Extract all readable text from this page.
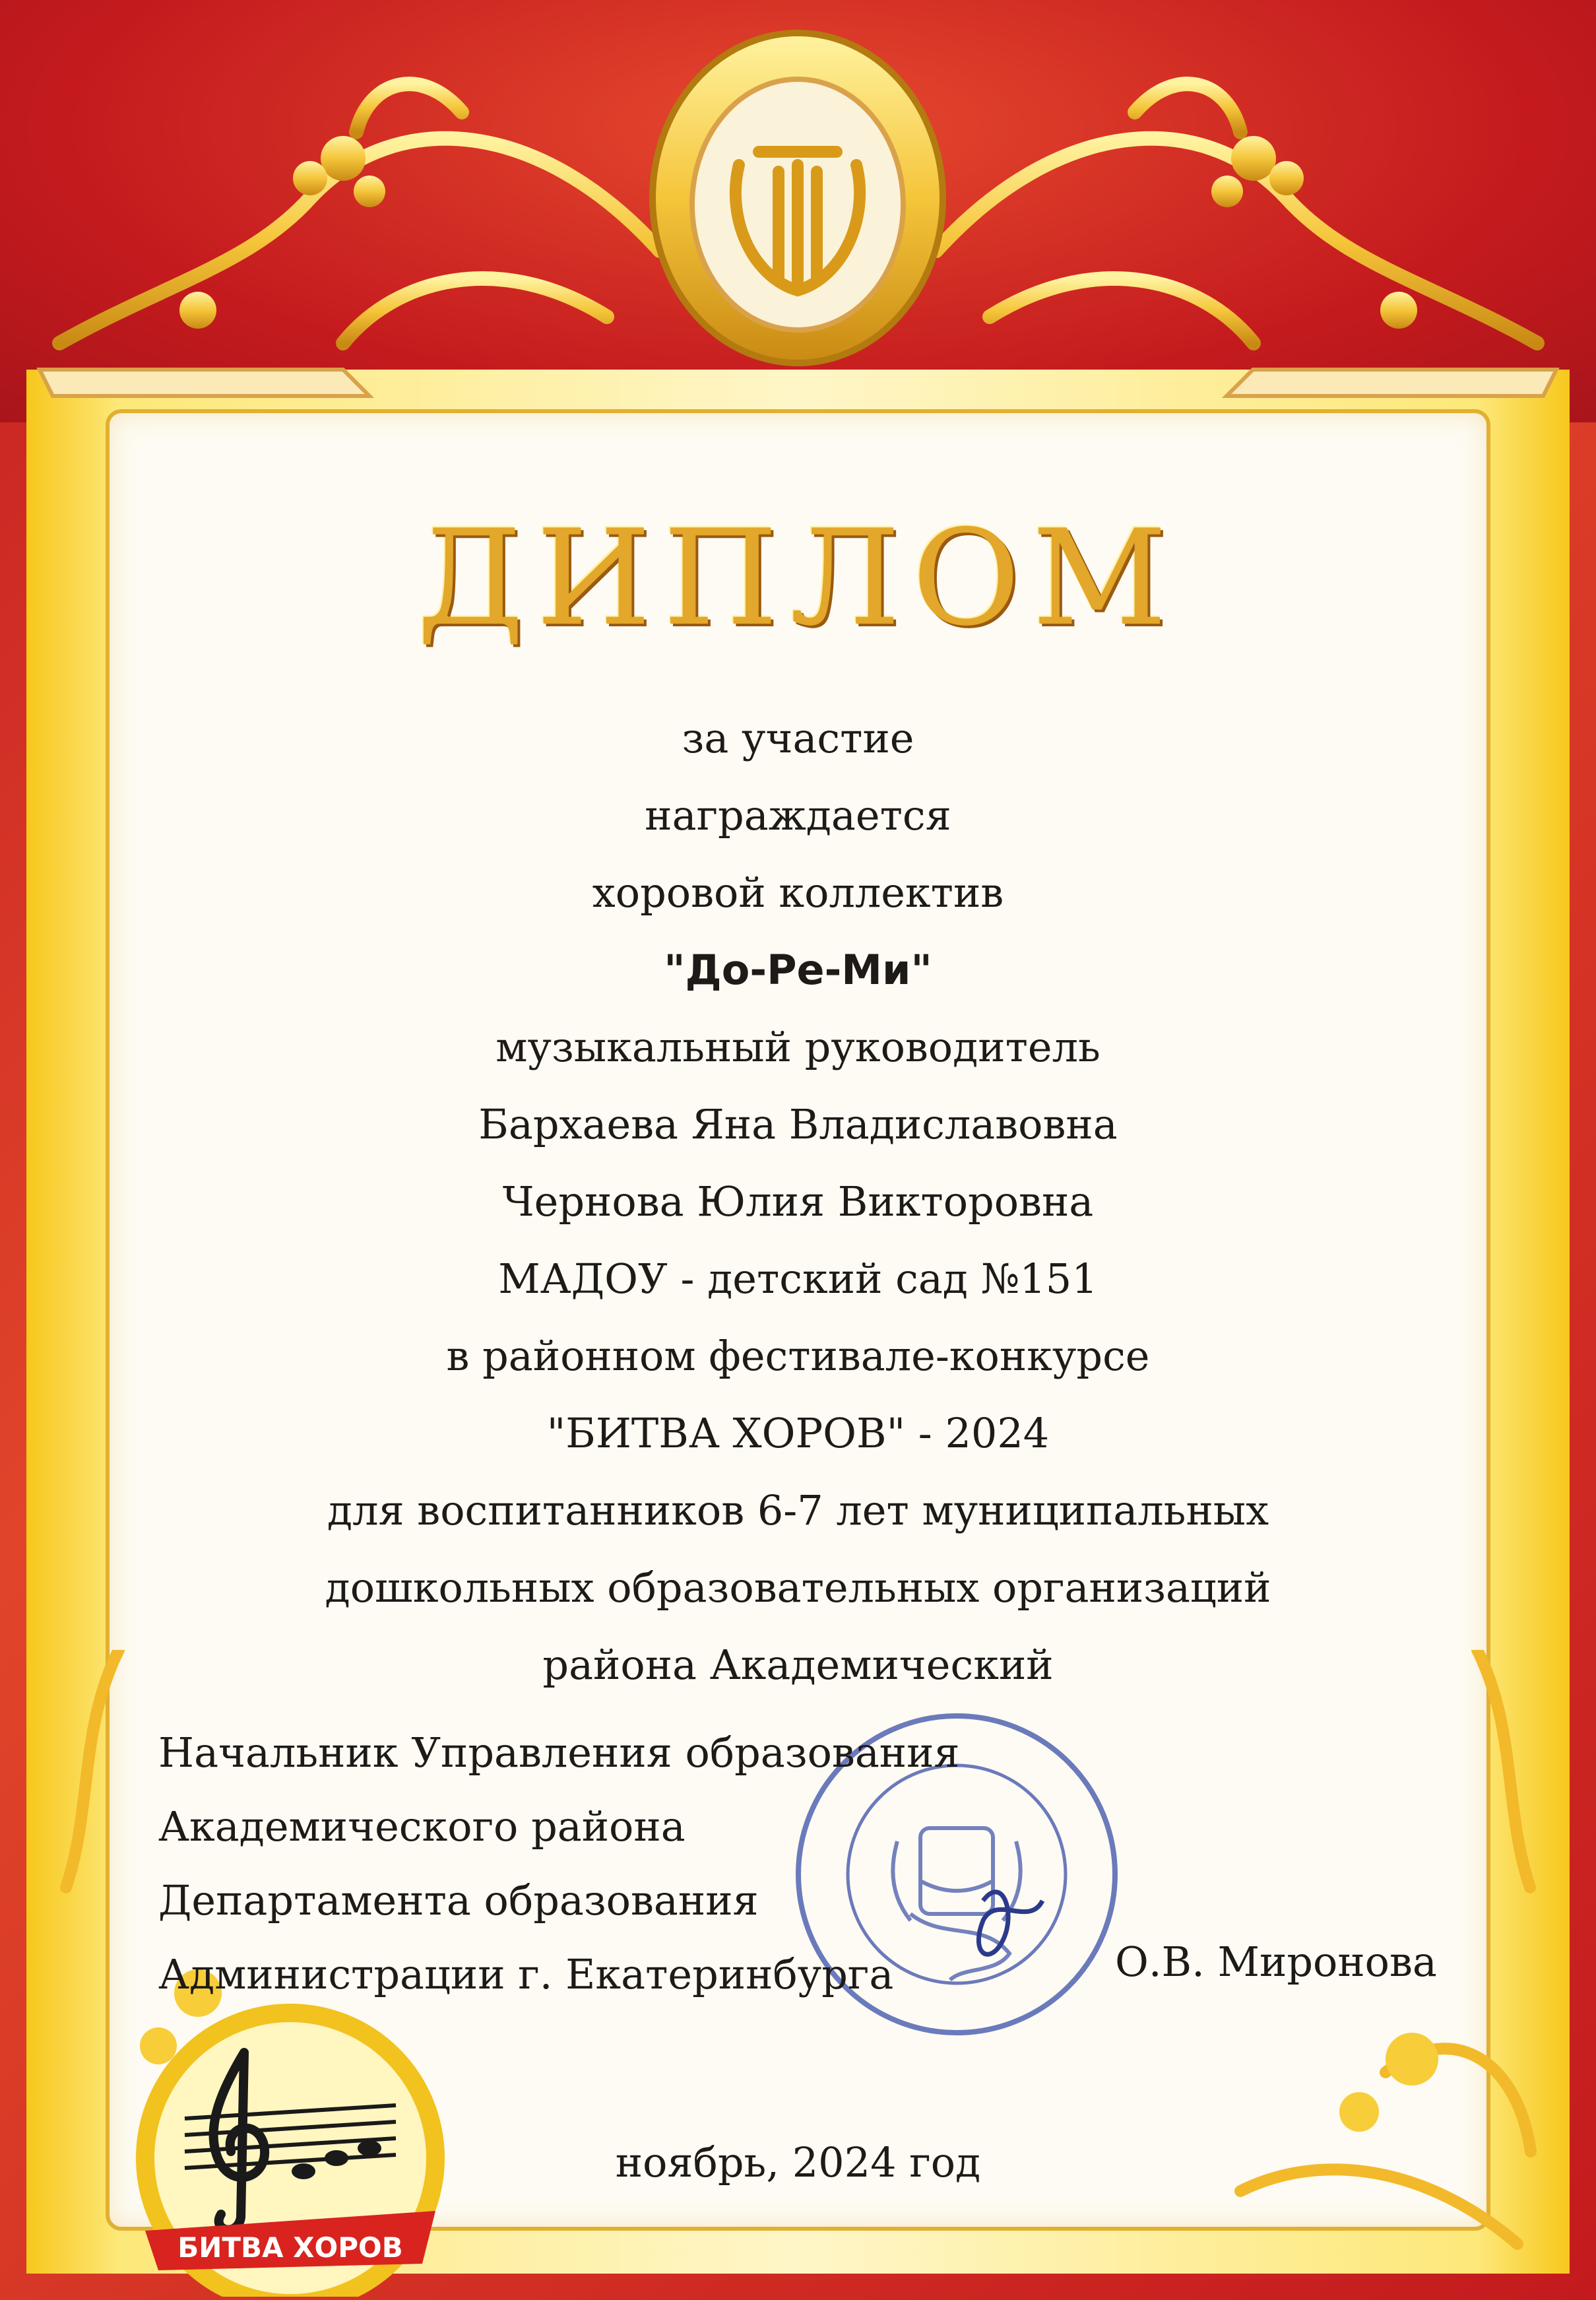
ДИПЛОМ
за участие
награждается
хоровой коллектив
"До-Ре-Ми"
музыкальный руководитель
Бархаева Яна Владиславовна
Чернова Юлия Викторовна
МАДОУ - детский сад №151
в районном фестивале-конкурсе
"БИТВА ХОРОВ" - 2024
для воспитанников 6-7 лет муниципальных
дошкольных образовательных организаций
района Академический
Начальник Управления образования
Академического района
Департамента образования
Администрации г. Екатеринбурга	О.В. Миронова
БИТВА ХОРОВ
ноябрь, 2024 год
